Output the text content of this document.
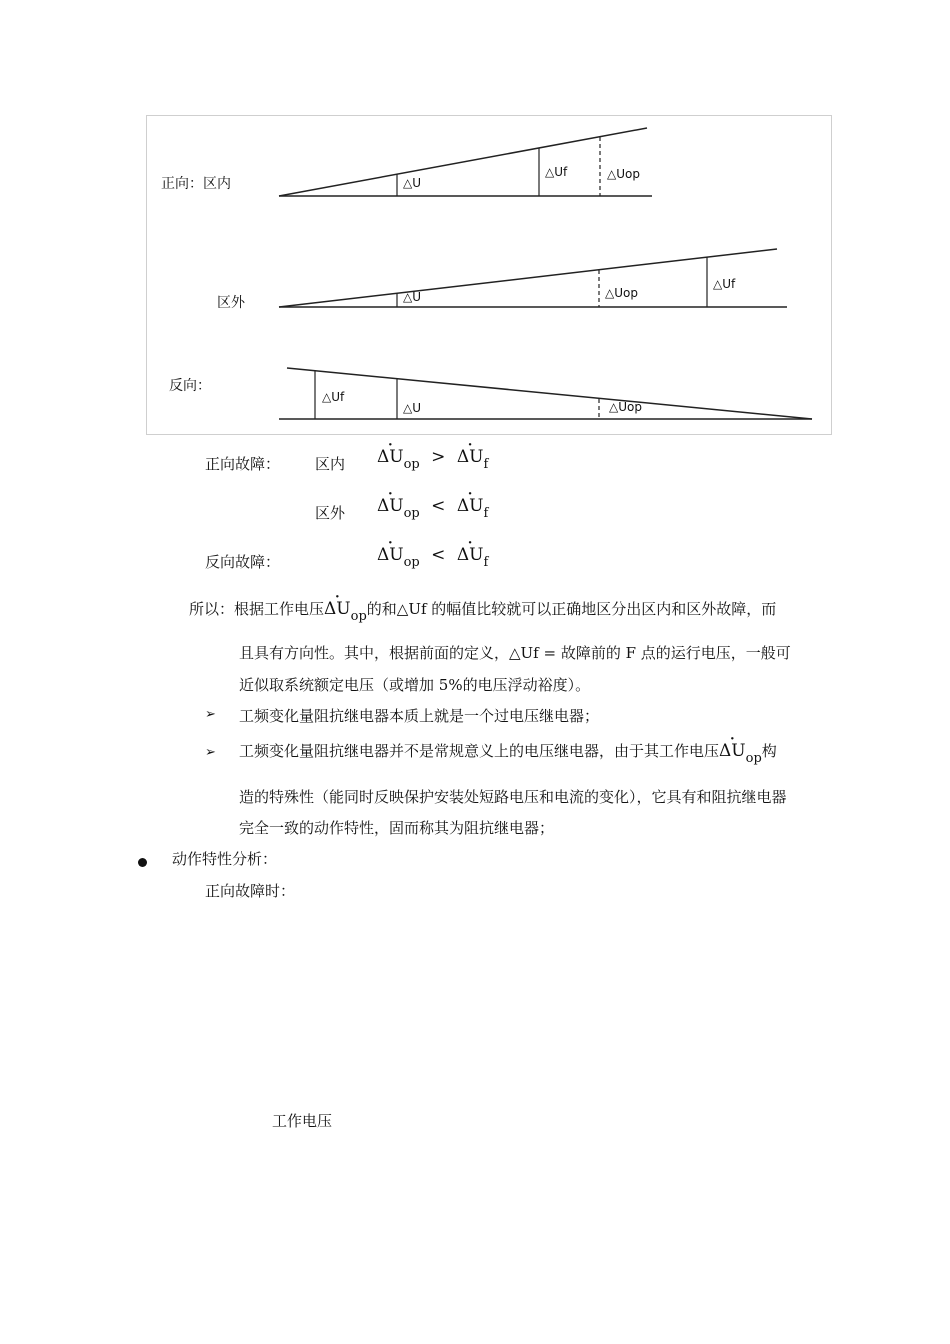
正向：区内
区外
反向：
△U
△Uf	△Uop
△U	△Uop
△Uf
△Uf
△U	△Uop
正向故障： 区内 · $\Delta U_{op}$ > · $\Delta U_f$
区外 · $\Delta U_{op}$ < · $\Delta U_f$
反向故障：	· $\Delta U_{op}$ < · $\Delta U_f$
所以：根据工作电压· $\Delta U_{op}$的和△Uf 的幅值比较就可以正确地区分出区内和区外故障，而
且具有方向性。其中，根据前面的定义，△Uf = 故障前的 F 点的运行电压，一般可
近似取系统额定电压（或增加 5%的电压浮动裕度）。
➢ 工频变化量阻抗继电器本质上就是一个过电压继电器；
➢ 工频变化量阻抗继电器并不是常规意义上的电压继电器，由于其工作电压· $\Delta U_{op}$构
造的特殊性（能同时反映保护安装处短路电压和电流的变化），它具有和阻抗继电器
完全一致的动作特性，固而称其为阻抗继电器；
动作特性分析：
正向故障时：
工作电压
